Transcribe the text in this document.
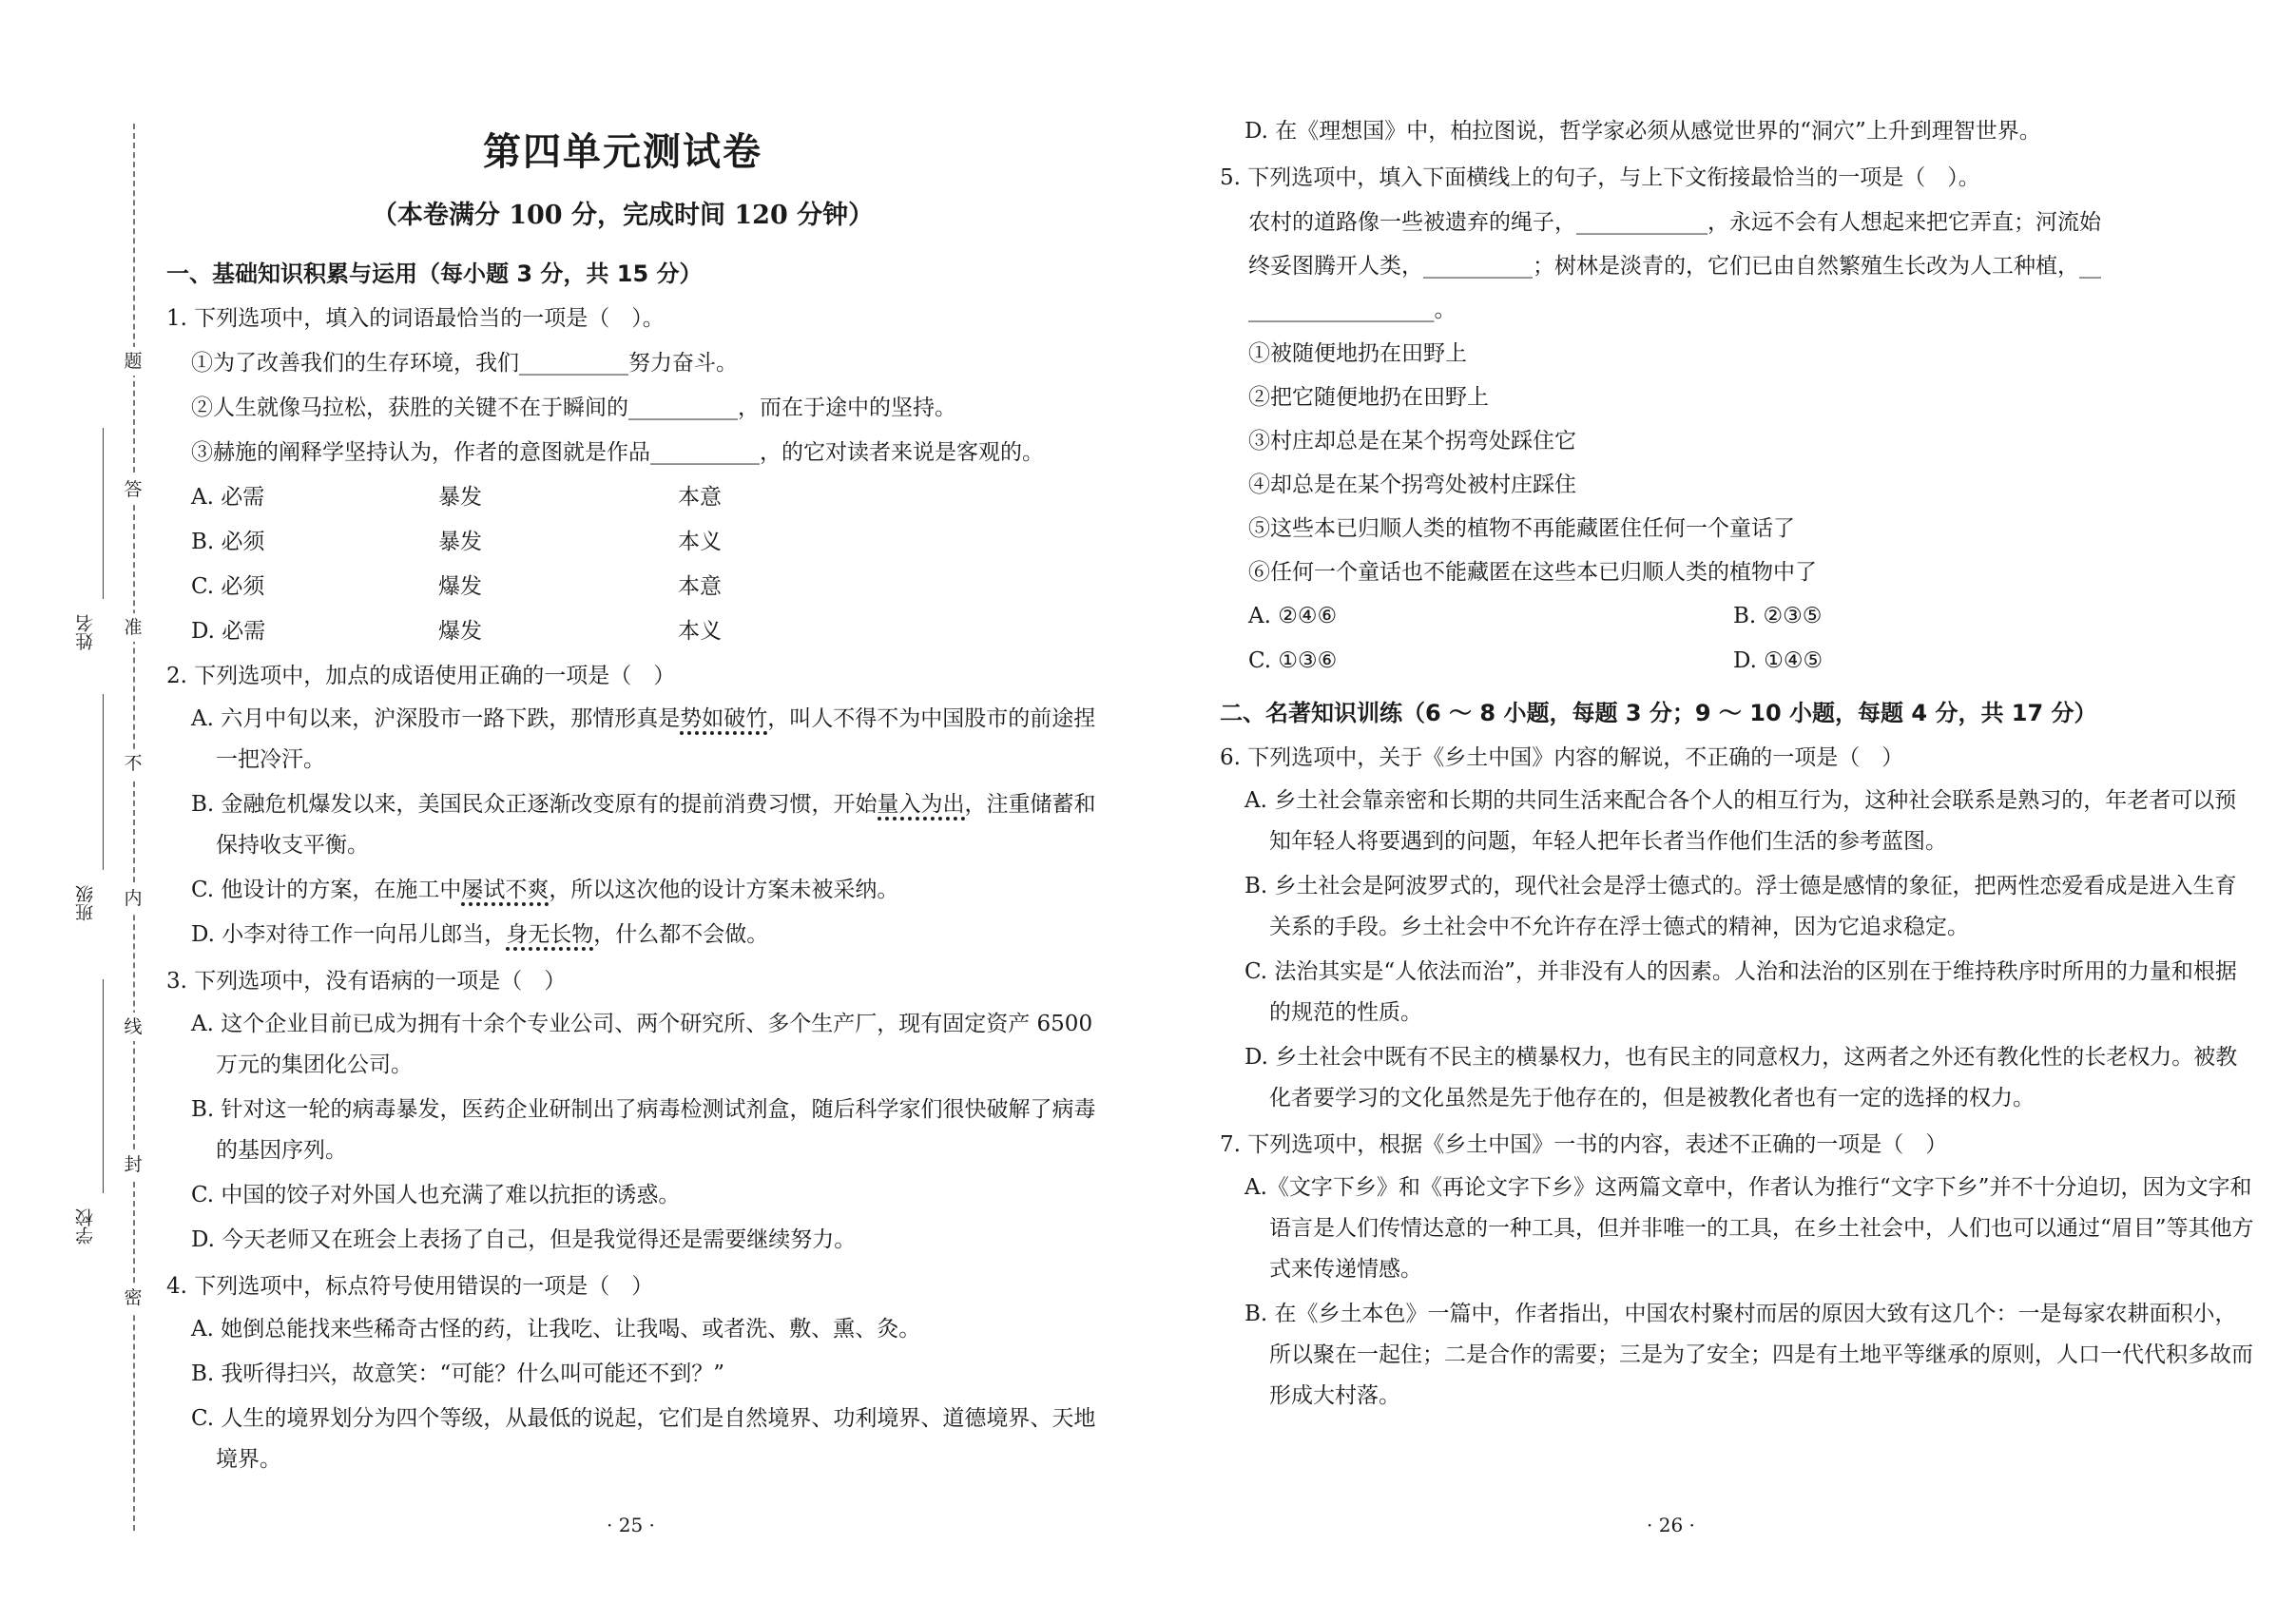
题
答
准
不
内
线
封
密
姓名
班级
学校
第四单元测试卷
（本卷满分 100 分，完成时间 120 分钟）
一、基础知识积累与运用（每小题 3 分，共 15 分）
1. 下列选项中，填入的词语最恰当的一项是（　）。
①为了改善我们的生存环境，我们__________努力奋斗。
②人生就像马拉松，获胜的关键不在于瞬间的__________，而在于途中的坚持。
③赫施的阐释学坚持认为，作者的意图就是作品__________，的它对读者来说是客观的。
A. 必需	暴发	本意
B. 必须	暴发	本义
C. 必须	爆发	本意
D. 必需	爆发	本义
2. 下列选项中，加点的成语使用正确的一项是（　）
A. 六月中旬以来，沪深股市一路下跌，那情形真是势如破竹，叫人不得不为中国股市的前途捏一把冷汗。
B. 金融危机爆发以来，美国民众正逐渐改变原有的提前消费习惯，开始量入为出，注重储蓄和保持收支平衡。
C. 他设计的方案，在施工中屡试不爽，所以这次他的设计方案未被采纳。
D. 小李对待工作一向吊儿郎当，身无长物，什么都不会做。
3. 下列选项中，没有语病的一项是（　）
A. 这个企业目前已成为拥有十余个专业公司、两个研究所、多个生产厂，现有固定资产 6500 万元的集团化公司。
B. 针对这一轮的病毒暴发，医药企业研制出了病毒检测试剂盒，随后科学家们很快破解了病毒的基因序列。
C. 中国的饺子对外国人也充满了难以抗拒的诱惑。
D. 今天老师又在班会上表扬了自己，但是我觉得还是需要继续努力。
4. 下列选项中，标点符号使用错误的一项是（　）
A. 她倒总能找来些稀奇古怪的药，让我吃、让我喝、或者洗、敷、熏、灸。
B. 我听得扫兴，故意笑：“可能？什么叫可能还不到？”
C. 人生的境界划分为四个等级，从最低的说起，它们是自然境界、功利境界、道德境界、天地境界。
· 25 ·
D. 在《理想国》中，柏拉图说，哲学家必须从感觉世界的“洞穴”上升到理智世界。
5. 下列选项中，填入下面横线上的句子，与上下文衔接最恰当的一项是（　）。
农村的道路像一些被遗弃的绳子，____________，永远不会有人想起来把它弄直；河流始
终妥图腾开人类，__________；树林是淡青的，它们已由自然繁殖生长改为人工种植，__
_________________。
①被随便地扔在田野上
②把它随便地扔在田野上
③村庄却总是在某个拐弯处踩住它
④却总是在某个拐弯处被村庄踩住
⑤这些本已归顺人类的植物不再能藏匿住任何一个童话了
⑥任何一个童话也不能藏匿在这些本已归顺人类的植物中了
A. ②④⑥	B. ②③⑤
C. ①③⑥	D. ①④⑤
二、名著知识训练（6 ～ 8 小题，每题 3 分；9 ～ 10 小题，每题 4 分，共 17 分）
6. 下列选项中，关于《乡土中国》内容的解说，不正确的一项是（　）
A. 乡土社会靠亲密和长期的共同生活来配合各个人的相互行为，这种社会联系是熟习的，年老者可以预知年轻人将要遇到的问题，年轻人把年长者当作他们生活的参考蓝图。
B. 乡土社会是阿波罗式的，现代社会是浮士德式的。浮士德是感情的象征，把两性恋爱看成是进入生育关系的手段。乡土社会中不允许存在浮士德式的精神，因为它追求稳定。
C. 法治其实是“人依法而治”，并非没有人的因素。人治和法治的区别在于维持秩序时所用的力量和根据的规范的性质。
D. 乡土社会中既有不民主的横暴权力，也有民主的同意权力，这两者之外还有教化性的长老权力。被教化者要学习的文化虽然是先于他存在的，但是被教化者也有一定的选择的权力。
7. 下列选项中，根据《乡土中国》一书的内容，表述不正确的一项是（　）
A.《文字下乡》和《再论文字下乡》这两篇文章中，作者认为推行“文字下乡”并不十分迫切，因为文字和语言是人们传情达意的一种工具，但并非唯一的工具，在乡土社会中，人们也可以通过“眉目”等其他方式来传递情感。
B. 在《乡土本色》一篇中，作者指出，中国农村聚村而居的原因大致有这几个：一是每家农耕面积小，所以聚在一起住；二是合作的需要；三是为了安全；四是有土地平等继承的原则，人口一代代积多故而形成大村落。
· 26 ·
